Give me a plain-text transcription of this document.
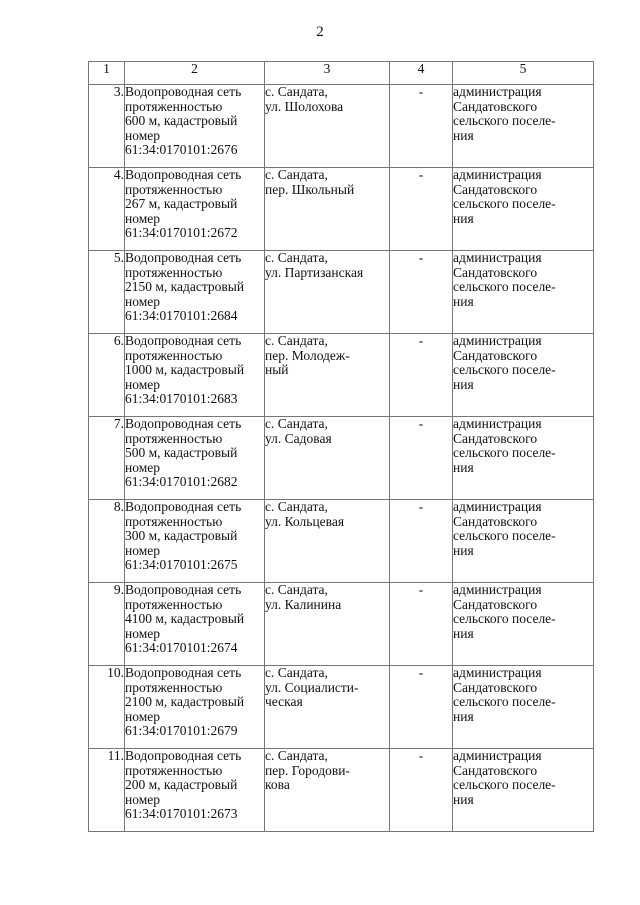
2
1	2	3	4	5
3.	Водопроводная сеть
протяженностью
600 м, кадастровый
номер
61:34:0170101:2676	с. Сандата,
ул. Шолохова	-	администрация
Сандатовского
сельского поселе-
ния
4.	Водопроводная сеть
протяженностью
267 м, кадастровый
номер
61:34:0170101:2672	с. Сандата,
пер. Школьный	-	администрация
Сандатовского
сельского поселе-
ния
5.	Водопроводная сеть
протяженностью
2150 м, кадастровый
номер
61:34:0170101:2684	с. Сандата,
ул. Партизанская	-	администрация
Сандатовского
сельского поселе-
ния
6.	Водопроводная сеть
протяженностью
1000 м, кадастровый
номер
61:34:0170101:2683	с. Сандата,
пер. Молодеж-
ный	-	администрация
Сандатовского
сельского поселе-
ния
7.	Водопроводная сеть
протяженностью
500 м, кадастровый
номер
61:34:0170101:2682	с. Сандата,
ул. Садовая	-	администрация
Сандатовского
сельского поселе-
ния
8.	Водопроводная сеть
протяженностью
300 м, кадастровый
номер
61:34:0170101:2675	с. Сандата,
ул. Кольцевая	-	администрация
Сандатовского
сельского поселе-
ния
9.	Водопроводная сеть
протяженностью
4100 м, кадастровый
номер
61:34:0170101:2674	с. Сандата,
ул. Калинина	-	администрация
Сандатовского
сельского поселе-
ния
10.	Водопроводная сеть
протяженностью
2100 м, кадастровый
номер
61:34:0170101:2679	с. Сандата,
ул. Социалисти-
ческая	-	администрация
Сандатовского
сельского поселе-
ния
11.	Водопроводная сеть
протяженностью
200 м, кадастровый
номер
61:34:0170101:2673	с. Сандата,
пер. Городови-
кова	-	администрация
Сандатовского
сельского поселе-
ния
